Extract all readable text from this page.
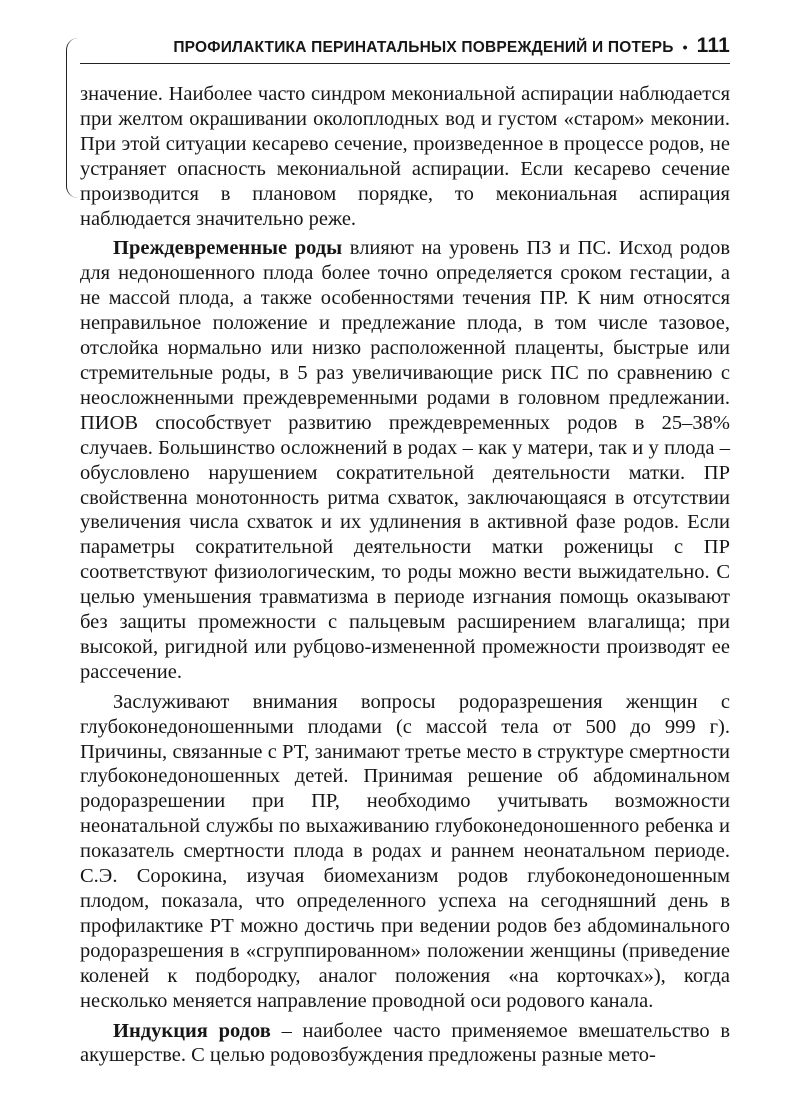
ПРОФИЛАКТИКА ПЕРИНАТАЛЬНЫХ ПОВРЕЖДЕНИЙ И ПОТЕРЬ • 111

значение. Наиболее часто синдром мекониальной аспирации наблюдается при желтом окрашивании околоплодных вод и густом «старом» меконии. При этой ситуации кесарево сечение, произведенное в процессе родов, не устраняет опасность мекониальной аспирации. Если кесарево сечение производится в плановом порядке, то мекониальная аспирация наблюдается значительно реже.

Преждевременные роды влияют на уровень ПЗ и ПС. Исход родов для недоношенного плода более точно определяется сроком гестации, а не массой плода, а также особенностями течения ПР. К ним относятся неправильное положение и предлежание плода, в том числе тазовое, отслойка нормально или низко расположенной плаценты, быстрые или стремительные роды, в 5 раз увеличивающие риск ПС по сравнению с неосложненными преждевременными родами в головном предлежании. ПИОВ способствует развитию преждевременных родов в 25–38% случаев. Большинство осложнений в родах – как у матери, так и у плода – обусловлено нарушением сократительной деятельности матки. ПР свойственна монотонность ритма схваток, заключающаяся в отсутствии увеличения числа схваток и их удлинения в активной фазе родов. Если параметры сократительной деятельности матки роженицы с ПР соответствуют физиологическим, то роды можно вести выжидательно. С целью уменьшения травматизма в периоде изгнания помощь оказывают без защиты промежности с пальцевым расширением влагалища; при высокой, ригидной или рубцово-измененной промежности производят ее рассечение.

Заслуживают внимания вопросы родоразрешения женщин с глубоконедоношенными плодами (с массой тела от 500 до 999 г). Причины, связанные с РТ, занимают третье место в структуре смертности глубоконедоношенных детей. Принимая решение об абдоминальном родоразрешении при ПР, необходимо учитывать возможности неонатальной службы по выхаживанию глубоконедоношенного ребенка и показатель смертности плода в родах и раннем неонатальном периоде. С.Э. Сорокина, изучая биомеханизм родов глубоконедоношенным плодом, показала, что определенного успеха на сегодняшний день в профилактике РТ можно достичь при ведении родов без абдоминального родоразрешения в «сгруппированном» положении женщины (приведение коленей к подбородку, аналог положения «на корточках»), когда несколько меняется направление проводной оси родового канала.

Индукция родов – наиболее часто применяемое вмешательство в акушерстве. С целью родовозбуждения предложены разные мето-
